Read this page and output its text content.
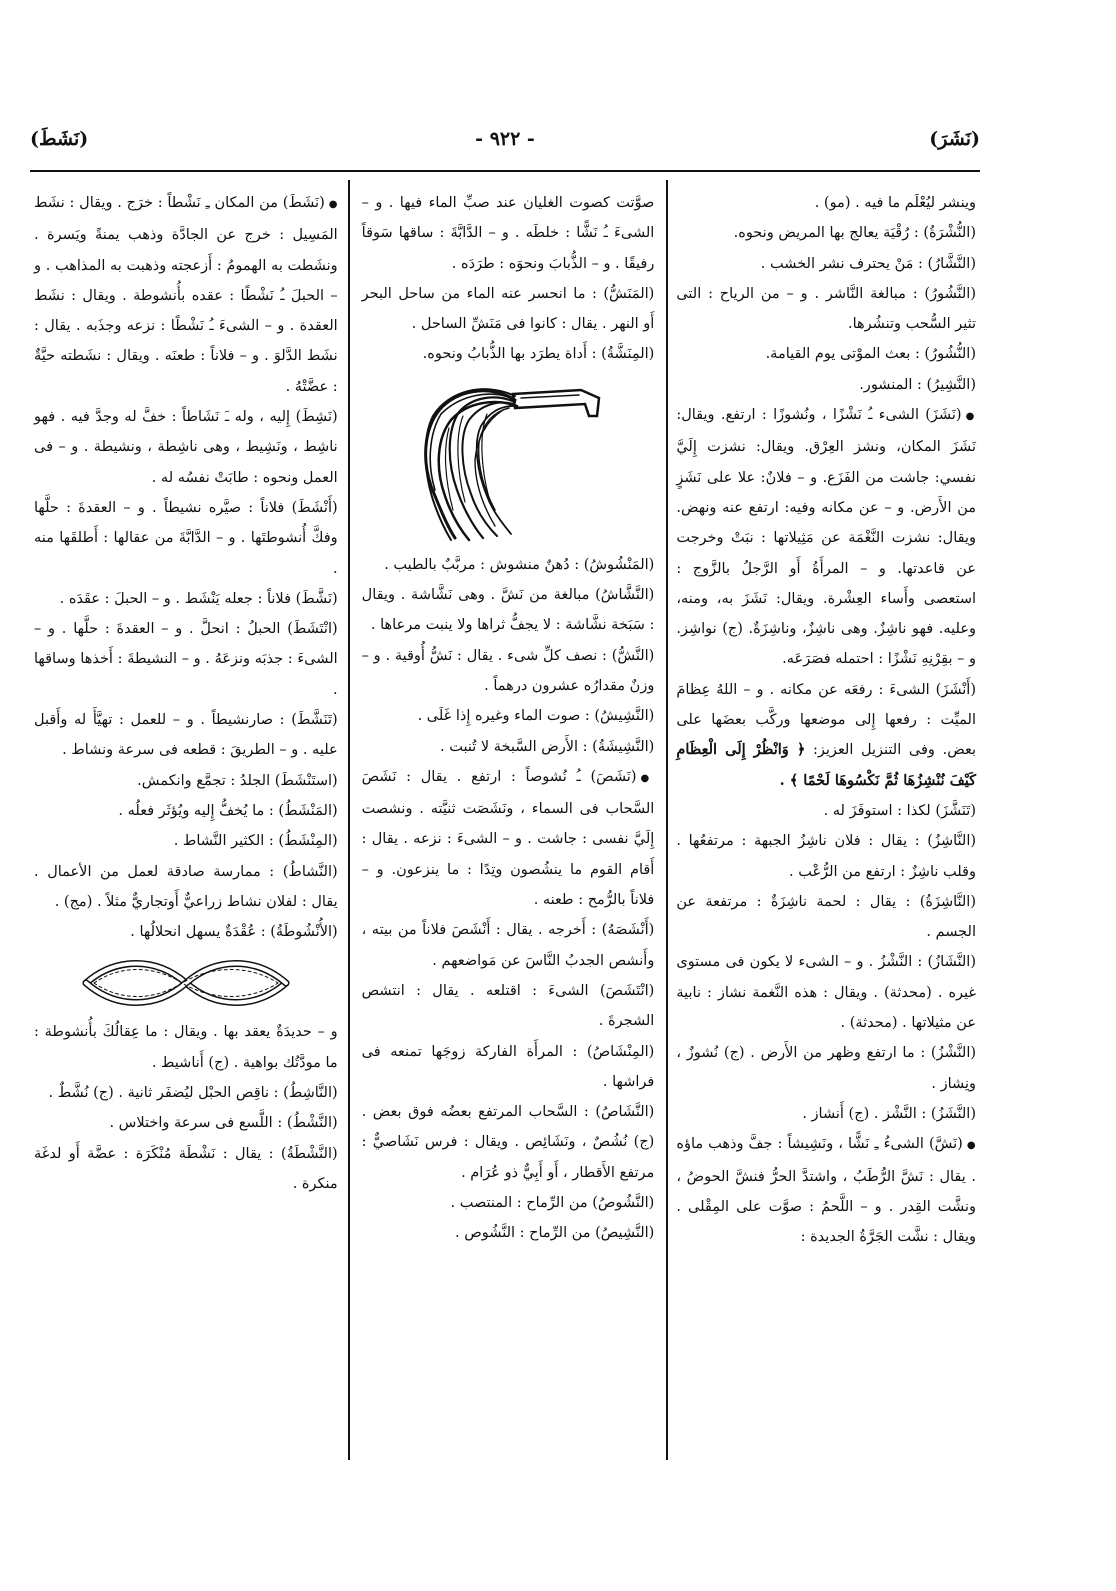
(نَشَرَ)
- ٩٢٢ -
(نَشَطَ)

وينشر ليُعْلَم ما فيه . (مو) .

(النُّشْرَةُ) : رُقْيَة يعالج بها المريض ونحوه.

(النَّشَّارُ) : مَنْ يحترف نشر الخشب .

(النَّشُورُ) : مبالغة النَّاشر . و – من الرياح : التى تثير السُّحب وتنشُرها.

(النُّشُورُ) : بعث الموْتى يوم القيامة.

(النَّشِيرُ) : المنشور.

●(نَشَزَ) الشىء ـُ نَشْزًا ، ونُشوزًا : ارتفع. ويقال: نَشَزَ المكان، ونشز العِرْق. ويقال: نشزت إِلَيَّ نفسي: جاشت من الفَزَع. و – فلانٌ: علا على نَشَزٍ من الأَرض. و – عن مكانه وفيه: ارتفع عنه ونهض. ويقال: نشزت النَّغْمَة عن مَثِيلاتها : نبَتْ وخرجت عن قاعدتها. و – المرأَةُ أَو الرَّجلُ بالزَّوج : استعصى وأَساء العِشْرة. ويقال: نَشَزَ به، ومنه، وعليه. فهو ناشِزٌ. وهى ناشِزٌ، وناشِزَةٌ. (ج) نواشِز. و – بقِرْنِهِ نَشْزًا : احتمله فصَرَعَه.

(أَنْشَزَ) الشىءَ : رفعَه عن مكانه . و – اللهُ عِظامَ الميِّت : رفعها إِلى موضعها وركَّب بعضَها على بعض. وفى التنزيل العزيز: ﴿ وَانْظُرْ إِلَى الْعِظَامِ كَيْفَ نُنْشِزُهَا ثُمَّ نَكْسُوهَا لَحْمًا ﴾ .

(تَنَشَّزَ) لكذا : استوفَزَ له .

(النَّاشِزُ) : يقال : فلان ناشِزُ الجبهة : مرتفعُها . وقلب ناشِزٌ : ارتفع من الرُّعْب .

(النَّاشِزَةُ) : يقال : لحمة ناشِزَةٌ : مرتفعة عن الجسم .

(النَّشَازُ) : النَّشْزُ . و – الشىء لا يكون فى مستوى غيره . (محدثة) . ويقال : هذه النَّغمة نشاز : نابية عن مثيلاتها . (محدثة) .

(النَّشْزُ) : ما ارتفع وظهر من الأَرض . (ج) نُشوزٌ ، ونِشاز .

(النَّشَزُ) : النَّشْز . (ج) أَنشاز .

●(نَشَّ) الشىءُ ـِ نَشًّا ، ونَشِيشاً : جفَّ وذهب ماؤه . يقال : نَشَّ الرُّطَبُ ، واشتدَّ الحرُّ فنشَّ الحوضُ ، ونشَّت القِدر . و – اللَّحمُ : صوَّت على المِقْلى . ويقال : نشَّت الجَرَّةُ الجديدة :

صوَّتت كصوت الغليان عند صبِّ الماء فيها . و – الشىءَ ـُ نَشًّا : خلطَه . و – الدَّابَّةَ : ساقها سَوقاً رفيقًا . و – الذُّبابَ ونحوَه : طرَدَه .

(المَنَشُّ) : ما انحسر عنه الماء من ساحل البحر أَو النهر . يقال : كانوا فى مَنَشِّ الساحل .

(المِنَشَّةُ) : أَداة يطرَد بها الذُّبابُ ونحوه.

(المَنْشُوشُ) : دُهنٌ منشوش : مربَّبٌ بالطيب .

(النَّشَّاشُ) مبالغة من نَشَّ . وهى نَشَّاشة . ويقال : سَبَخة نشَّاشة : لا يجفُّ ثراها ولا ينبت مرعاها .

(النَّشُّ) : نصف كلِّ شىء . يقال : نَشُّ أُوقية . و – وزنٌ مقدارُه عشرون درهماً .

(النَّشِيشُ) : صوت الماء وغيره إِذا غَلَى .

(النَّشِيشَةُ) : الأَرض السَّبخة لا تُنبت .

●(نَشَصَ) ـُ نُشوصاً : ارتفع . يقال : نَشَصَ السَّحاب فى السماء ، ونَشَصَت ثنيَّته . ونشصت إِلَيَّ نفسى : جاشت . و – الشىءَ : نزعه . يقال : أَقام القوم ما ينشُصون وتِدًا : ما ينزعون. و – فلاناً بالرُّمح : طعنه .

(أَنْشَصَهُ) : أَخرجه . يقال : أَنْشَصَ فلاناً من بيته ، وأَنشص الجدبُ النَّاسَ عن مَواضعهم .

(انْتَشَصَ) الشىءَ : اقتلعه . يقال : انتشص الشجرةَ .

(المِنْشَاصُ) : المرأَة الفاركة زوجَها تمنعه فى فراشها .

(النَّشَاصُ) : السَّحاب المرتفع بعضُه فوق بعض . (ج) نُشُصٌ ، ونَشَائِص . ويقال : فرس نَشَاصيٌّ : مرتفع الأَقطار ، أَو أَبِيٌّ ذو عُرَام .

(النَّشُوصُ) من الرِّماح : المنتصب .

(النَّشِيصُ) من الرِّماح : النَّشُوص .

●(نَشَطَ) من المكان ـِ نَشْطاً : خرَج . ويقال : نشَط المَسِيل : خرج عن الجادَّة وذهب يمنةً ويَسرة . ونشَطت به الهمومُ : أَزعجته وذهبت به المذاهب . و – الحبلَ ـُ نَشْطًا : عقده بأُنشوطة . ويقال : نشَط العقدة . و – الشىءَ ـُ نَشْطًا : نزعه وجذَبه . يقال : نشَط الدَّلوَ . و – فلاناً : طعنَه . ويقال : نشَطته حيَّةٌ : عضَّتْهُ .

(نَشِطَ) إِليه ، وله ـَ نَشَاطاً : خفَّ له وجدَّ فيه . فهو ناشِط ، ونَشِيط ، وهى ناشِطة ، ونشيطة . و – فى العمل ونحوه : طابَتْ نفسُه له .

(أَنْشَطَ) فلاناً : صيَّره نشيطاً . و – العقدةَ : حلَّها وفكَّ أُنشوطتَها . و – الدَّابَّةَ من عقالها : أَطلقَها منه .

(نَشَّطَ) فلاناً : جعله يَنْشَط . و – الحبلَ : عقَدَه .

(انْتَشَطَ) الحبلُ : انحلَّ . و – العقدةَ : حلَّها . و – الشىءَ : جذبَه ونزعَهُ . و – النشيطةَ : أَخذها وساقها .

(تَنَشَّطَ) : صارنشيطاً . و – للعمل : تهيَّأَ له وأَقبل عليه . و – الطريقَ : قطعه فى سرعة ونشاط .

(استَنْشَطَ) الجلدُ : تجمَّع وانكمش.

(المَنْشَطُ) : ما يُخفُّ إِليه ويُؤثَر فعلُه .

(المِنْشَطُ) : الكثير النَّشاط .

(النَّشاطُ) : ممارسة صادقة لعمل من الأعمال . يقال : لفلان نشاط زراعيٌّ أَوتجاريٌّ مثلاً . (مج) .

(الأُنْشُوطَةُ) : عُقْدَةٌ يسهل انحلالُها .

و – حديدَةٌ يعقد بها . ويقال : ما عِقالُكَ بأُنشوطة : ما مودَّتُك بواهية . (ج) أَناشيط .

(النَّاشِطُ) : ناقِص الحبْل ليُضفَر ثانية . (ج) نُشَّطٌ .

(النَّشْطُ) : اللَّسع فى سرعة واختلاس .

(النَّشْطَةُ) : يقال : نَشْطَة مُنْكَرَة : عضَّة أَو لدغَة منكرة .
